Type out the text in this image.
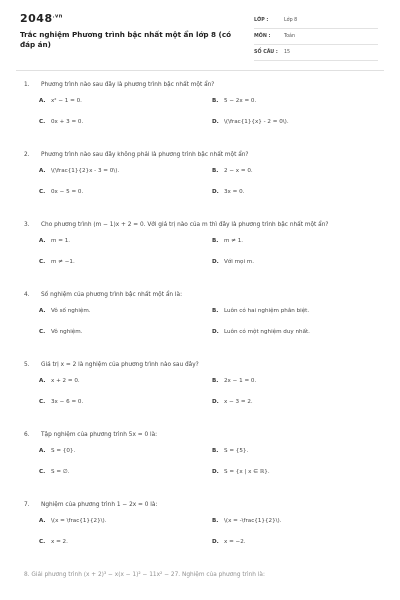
$2048^{.vn}$
Trắc nghiệm Phương trình bậc nhất một ẩn lớp 8 (có đáp án)
LỚP :	Lớp 8
MÔN :	Toán
SỐ CÂU :	15
1.	Phương trình nào sau đây là phương trình bậc nhất một ẩn?
A. x² − 1 = 0.	B.	5 − 2x = 0.
C.	0x + 3 = 0.	D. \(\frac{1}{x} - 2 = 0\).
2.	Phương trình nào sau đây không phải là phương trình bậc nhất một ẩn?
A. \(\frac{1}{2}x - 3 = 0\).	B.	2 − x = 0.
C.	0x − 5 = 0.	D. 3x = 0.
3.	Cho phương trình (m − 1)x + 2 = 0. Với giá trị nào của m thì đây là phương trình bậc nhất một ẩn?
A. m = 1.	B.	m ≠ 1.
C.	m ≠ −1.	D. Với mọi m.
4.	Số nghiệm của phương trình bậc nhất một ẩn là:
A. Vô số nghiệm.	B.	Luôn có hai nghiệm phân biệt.
C.	Vô nghiệm.	D. Luôn có một nghiệm duy nhất.
5.	Giá trị x = 2 là nghiệm của phương trình nào sau đây?
A. x + 2 = 0.	B.	2x − 1 = 0.
C.	3x − 6 = 0.	D. x − 3 = 2.
6.	Tập nghiệm của phương trình 5x = 0 là:
A. S = {0}.	B.	S = {5}.
C.	S = ∅.	D. S = {x | x ∈ ℝ}.
7.	Nghiệm của phương trình 1 − 2x = 0 là:
A. \(x = \frac{1}{2}\).	B.	\(x = -\frac{1}{2}\).
C.	x = 2.	D. x = −2.
8. Giải phương trình (x + 2)³ − x(x − 1)² − 11x² − 27. Nghiệm của phương trình là:
